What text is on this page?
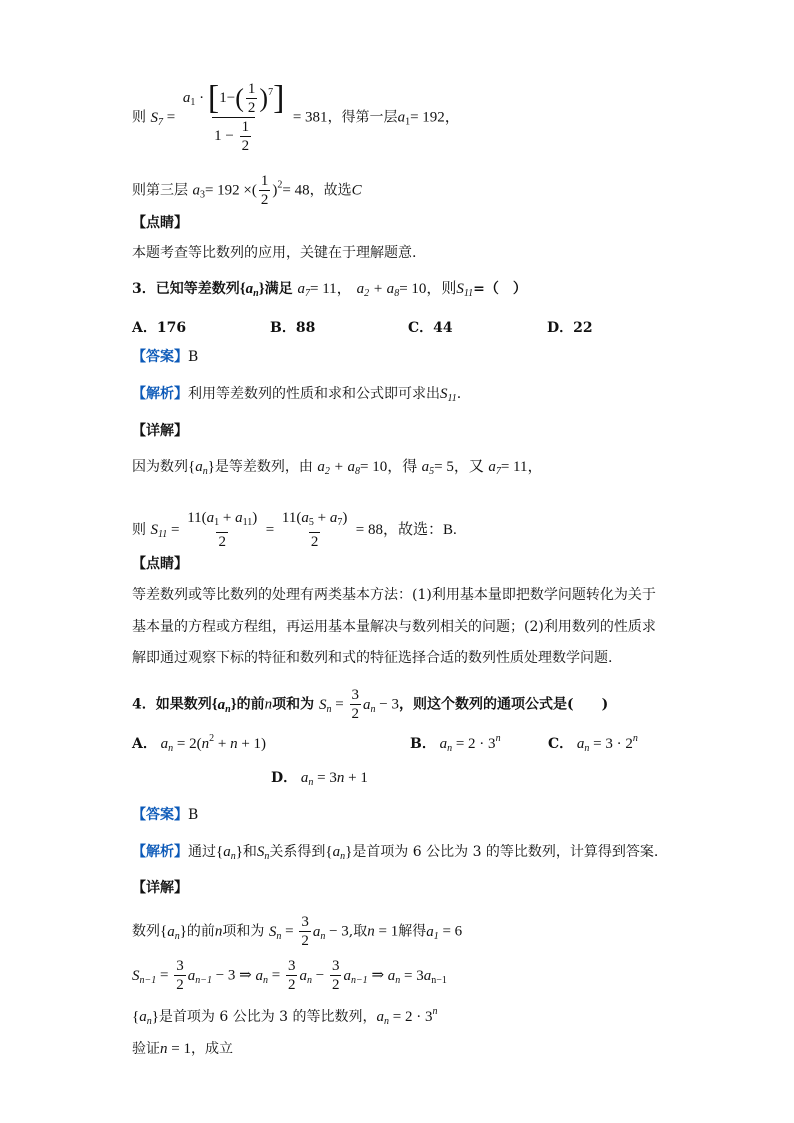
则 $S_7 = \frac{a_1 \cdot [1-( \frac{1}{2} )^7]}{1 - \frac{1}{2}} = 381$，得第一层$a_1= 192$，
则第三层 $a_3= 192$ ×( $\frac{1}{2} )^2= 48$，故选C
【点睛】
本题考查等比数列的应用，关键在于理解题意.
3．已知等差数列$\{a_n\}$满足 $a_7= 11$， $a_2 + a_8= 10$，则$S_{11}=$（　）
A．176	B．88	C．44	D．22
【答案】B
【解析】利用等差数列的性质和求和公式即可求出$S_{11}$.
【详解】
因为数列$\{a_n\}$是等差数列，由 $a_2 + a_8= 10$，得 $a_5= 5$，又 $a_7= 11$，
则 $S_{11} = \frac{11(a_1 + a_{11})}{2} = \frac{11(a_5 + a_7)}{2} = 88$，故选：B.
【点睛】
等差数列或等比数列的处理有两类基本方法：(1)利用基本量即把数学问题转化为关于
基本量的方程或方程组，再运用基本量解决与数列相关的问题；(2)利用数列的性质求
解即通过观察下标的特征和数列和式的特征选择合适的数列性质处理数学问题.
4．如果数列$\{a_n\}$的前n项和为 $S_n = \frac{3}{2} a_n - 3$，则这个数列的通项公式是(　　)
A． $a_n = 2(n^2 + n + 1)$	B． $a_n = 2 \cdot 3^n$	C． $a_n = 3 \cdot 2^n$
D． $a_n = 3n + 1$
【答案】B
【解析】通过$\{a_n\}$和$S_n$关系得到$\{a_n\}$是首项为 6 公比为 3 的等比数列，计算得到答案.
【详解】
数列$\{a_n\}$的前n项和为 $S_n = \frac{3}{2} a_n - 3$,取n = 1解得$a_1 = 6$
$S_{n-1} = \frac{3}{2} a_{n-1} - 3$ ⇒ $a_n = \frac{3}{2} a_n - \frac{3}{2} a_{n-1}$ ⇒ $a_n = 3a_{n-1}$
$\{a_n\}$是首项为 6 公比为 3 的等比数列，$a_n = 2 \cdot 3^n$
验证n = 1，成立
